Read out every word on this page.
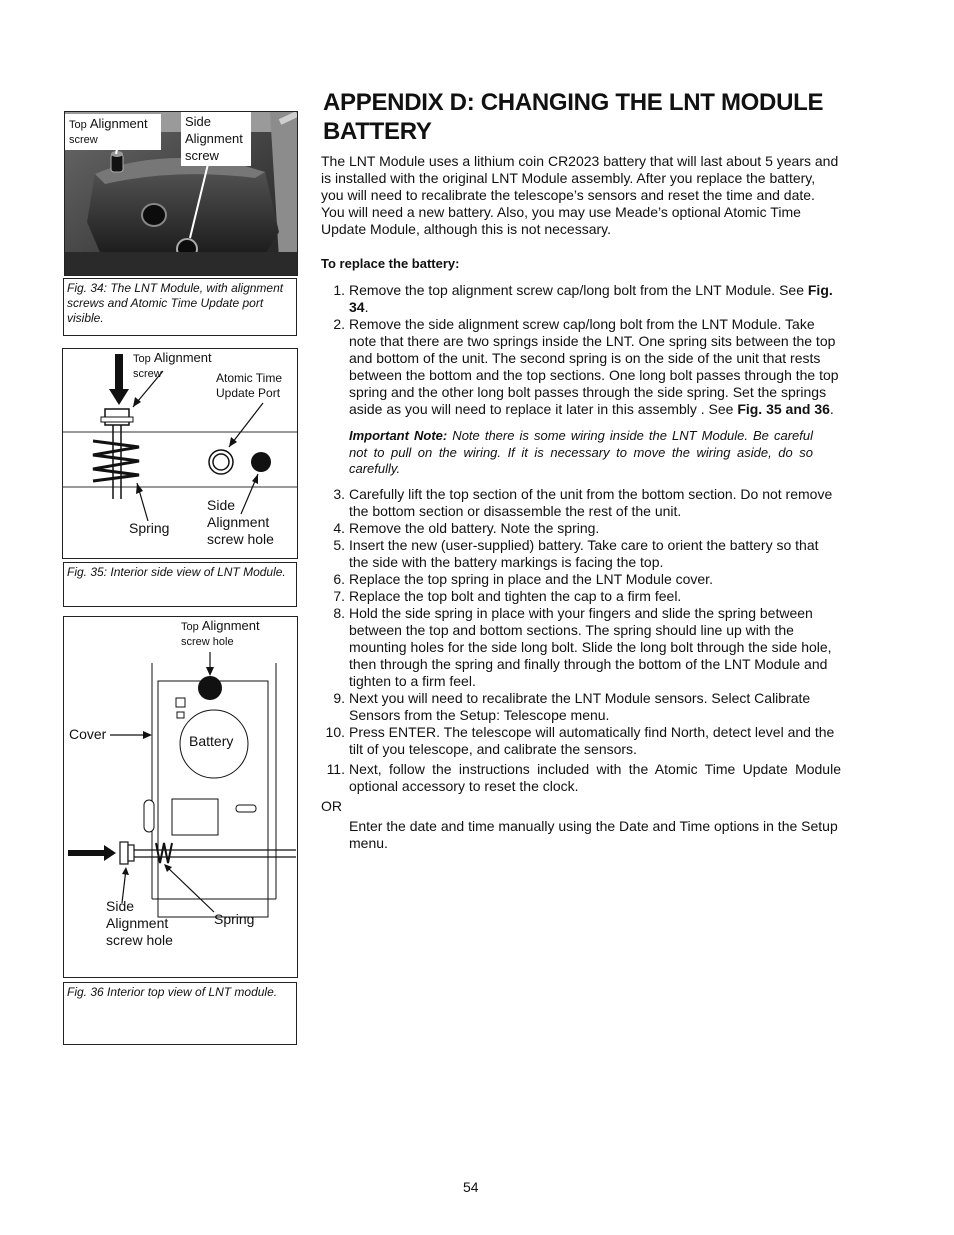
Top Alignment
screw
Side
Alignment
screw
Fig. 34: The LNT Module, with alignment screws and Atomic Time Update port visible.
Top Alignment
screw	Atomic Time
Update Port
Spring
Side
Alignment
screw hole
Fig. 35: Interior side view of LNT Module.
Top Alignment
screw hole
Cover	Battery
Side
Alignment
screw hole
Spring
Fig. 36 Interior top view of LNT module.
APPENDIX D: CHANGING THE LNT MODULE BATTERY
The LNT Module uses a lithium coin CR2023 battery that will last about 5 years and is installed with the original LNT Module assembly. After you replace the battery, you will need to recalibrate the telescope’s sensors and reset the time and date. You will need a new battery. Also, you may use Meade’s optional Atomic Time Update Module, although this is not necessary.
To replace the battery:
1. Remove the top alignment screw cap/long bolt from the LNT Module. See Fig. 34.
2. Remove the side alignment screw cap/long bolt from the LNT Module. Take note that there are two springs inside the LNT. One spring sits between the top and bottom of the unit. The second spring is on the side of the unit that rests between the bottom and the top sections. One long bolt passes through the top spring and the other long bolt passes through the side spring. Set the springs aside as you will need to replace it later in this assembly . See Fig. 35 and 36.
Important Note: Note there is some wiring inside the LNT Module. Be careful not to pull on the wiring. If it is necessary to move the wiring aside, do so carefully.
3. Carefully lift the top section of the unit from the bottom section. Do not remove the bottom section or disassemble the rest of the unit.
4. Remove the old battery. Note the spring.
5. Insert the new (user-supplied) battery. Take care to orient the battery so that the side with the battery markings is facing the top.
6. Replace the top spring in place and the LNT Module cover.
7. Replace the top bolt and tighten the cap to a firm feel.
8. Hold the side spring in place with your fingers and slide the spring between between the top and bottom sections. The spring should line up with the mounting holes for the side long bolt. Slide the long bolt through the side hole, then through the spring and finally through the bottom of the LNT Module and tighten to a firm feel.
9. Next you will need to recalibrate the LNT Module sensors. Select Calibrate Sensors from the Setup: Telescope menu.
10. Press ENTER. The telescope will automatically find North, detect level and the tilt of you telescope, and calibrate the sensors.
11. Next, follow the instructions included with the Atomic Time Update Module optional accessory to reset the clock.
OR
Enter the date and time manually using the Date and Time options in the Setup menu.
54
